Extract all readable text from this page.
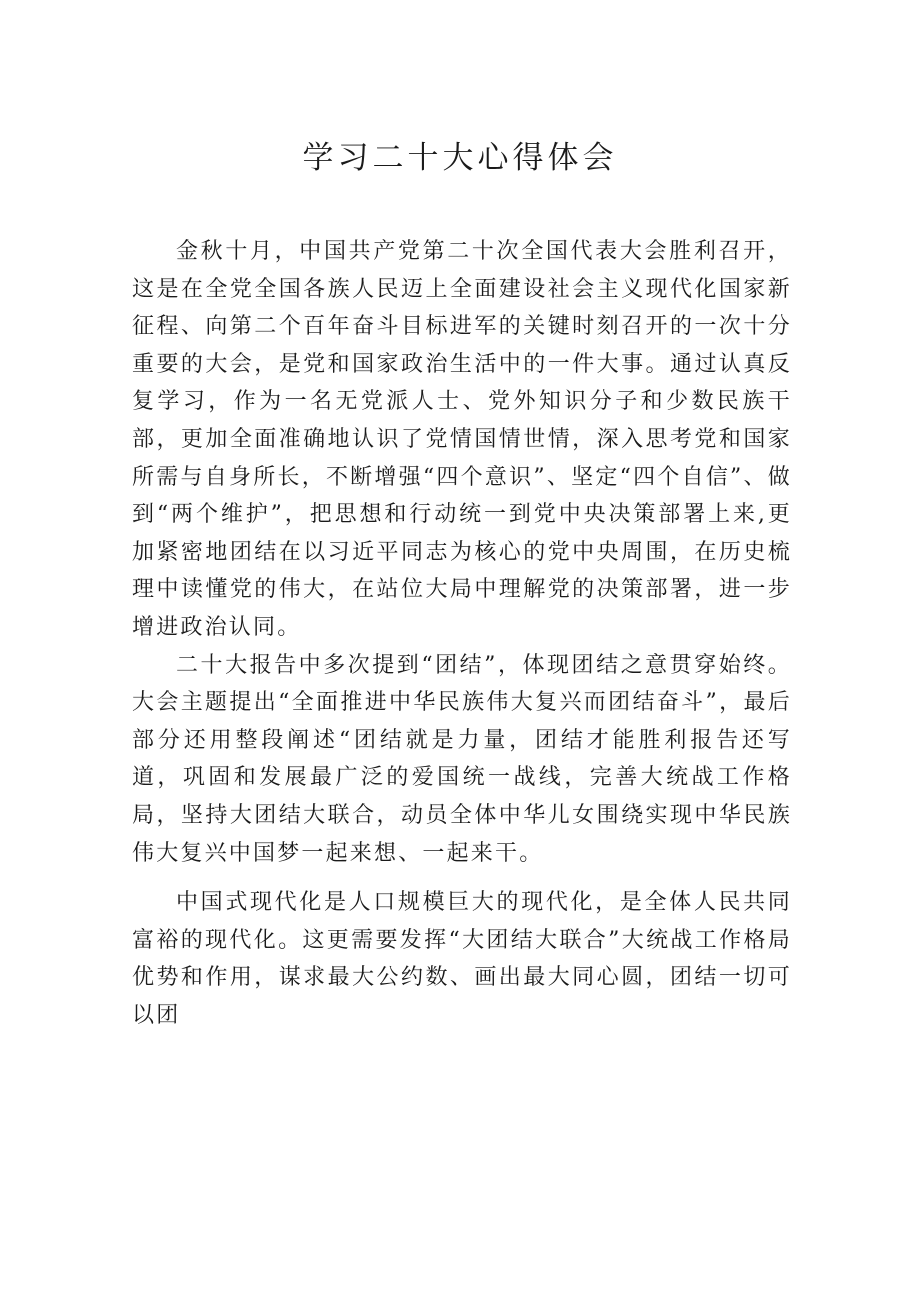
学习二十大心得体会

金秋十月，中国共产党第二十次全国代表大会胜利召开，这是在全党全国各族人民迈上全面建设社会主义现代化国家新征程、向第二个百年奋斗目标进军的关键时刻召开的一次十分重要的大会，是党和国家政治生活中的一件大事。通过认真反复学习，作为一名无党派人士、党外知识分子和少数民族干部，更加全面准确地认识了党情国情世情，深入思考党和国家所需与自身所长，不断增强“四个意识”、坚定“四个自信”、做到“两个维护”，把思想和行动统一到党中央决策部署上来,更加紧密地团结在以习近平同志为核心的党中央周围，在历史梳理中读懂党的伟大，在站位大局中理解党的决策部署，进一步增进政治认同。

二十大报告中多次提到“团结”，体现团结之意贯穿始终。大会主题提出“全面推进中华民族伟大复兴而团结奋斗”，最后部分还用整段阐述“团结就是力量，团结才能胜利报告还写道，巩固和发展最广泛的爱国统一战线，完善大统战工作格局，坚持大团结大联合，动员全体中华儿女围绕实现中华民族伟大复兴中国梦一起来想、一起来干。

中国式现代化是人口规模巨大的现代化，是全体人民共同富裕的现代化。这更需要发挥“大团结大联合”大统战工作格局优势和作用，谋求最大公约数、画出最大同心圆，团结一切可以团
